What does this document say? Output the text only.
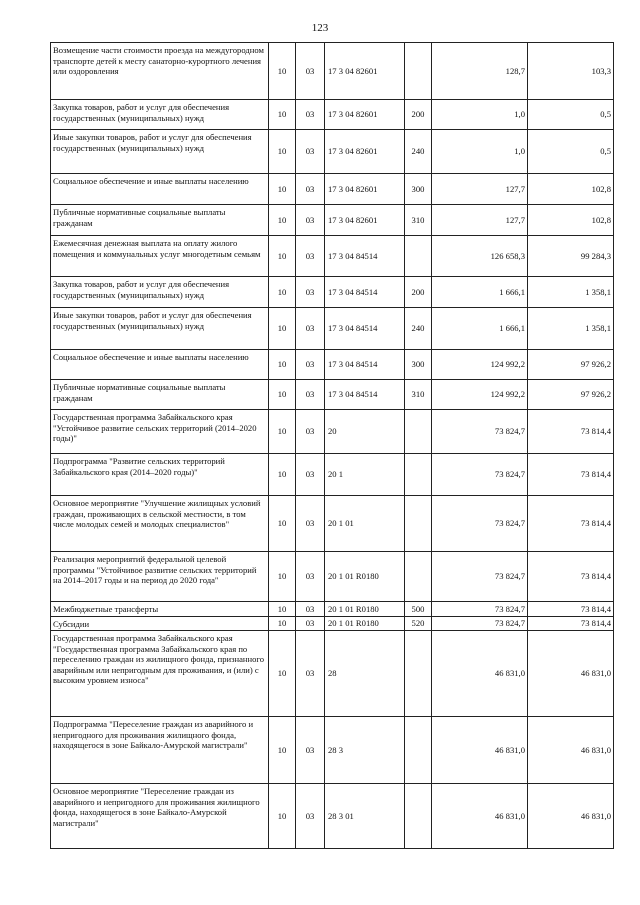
123
Возмещение части стоимости проезда на междугородном транспорте детей к месту санаторно-курортного лечения или оздоровления	10	03	17 3 04 82601		128,7	103,3
Закупка товаров, работ и услуг для обеспечения государственных (муниципальных) нужд	10	03	17 3 04 82601	200	1,0	0,5
Иные закупки товаров, работ и услуг для обеспечения государственных (муниципальных) нужд	10	03	17 3 04 82601	240	1,0	0,5
Социальное обеспечение и иные выплаты населению	10	03	17 3 04 82601	300	127,7	102,8
Публичные нормативные социальные выплаты гражданам	10	03	17 3 04 82601	310	127,7	102,8
Ежемесячная денежная выплата на оплату жилого помещения и коммунальных услуг многодетным семьям	10	03	17 3 04 84514		126 658,3	99 284,3
Закупка товаров, работ и услуг для обеспечения государственных (муниципальных) нужд	10	03	17 3 04 84514	200	1 666,1	1 358,1
Иные закупки товаров, работ и услуг для обеспечения государственных (муниципальных) нужд	10	03	17 3 04 84514	240	1 666,1	1 358,1
Социальное обеспечение и иные выплаты населению	10	03	17 3 04 84514	300	124 992,2	97 926,2
Публичные нормативные социальные выплаты гражданам	10	03	17 3 04 84514	310	124 992,2	97 926,2
Государственная программа Забайкальского края "Устойчивое развитие сельских территорий (2014–2020 годы)"	10	03	20		73 824,7	73 814,4
Подпрограмма "Развитие сельских территорий Забайкальского края (2014–2020 годы)"	10	03	20 1		73 824,7	73 814,4
Основное мероприятие "Улучшение жилищных условий граждан, проживающих в сельской местности, в том числе молодых семей и молодых специалистов"	10	03	20 1 01		73 824,7	73 814,4
Реализация мероприятий федеральной целевой программы "Устойчивое развитие сельских территорий на 2014–2017 годы и на период до 2020 года"	10	03	20 1 01 R0180		73 824,7	73 814,4
Межбюджетные трансферты	10	03	20 1 01 R0180	500	73 824,7	73 814,4
Субсидии	10	03	20 1 01 R0180	520	73 824,7	73 814,4
Государственная программа Забайкальского края "Государственная программа Забайкальского края по переселению граждан из жилищного фонда, признанного аварийным или непригодным для проживания, и (или) с высоким уровнем износа"	10	03	28		46 831,0	46 831,0
Подпрограмма "Переселение граждан из аварийного и непригодного для проживания жилищного фонда, находящегося в зоне Байкало-Амурской магистрали"	10	03	28 3		46 831,0	46 831,0
Основное мероприятие "Переселение граждан из аварийного и непригодного для проживания жилищного фонда, находящегося в зоне Байкало-Амурской магистрали"	10	03	28 3 01		46 831,0	46 831,0
